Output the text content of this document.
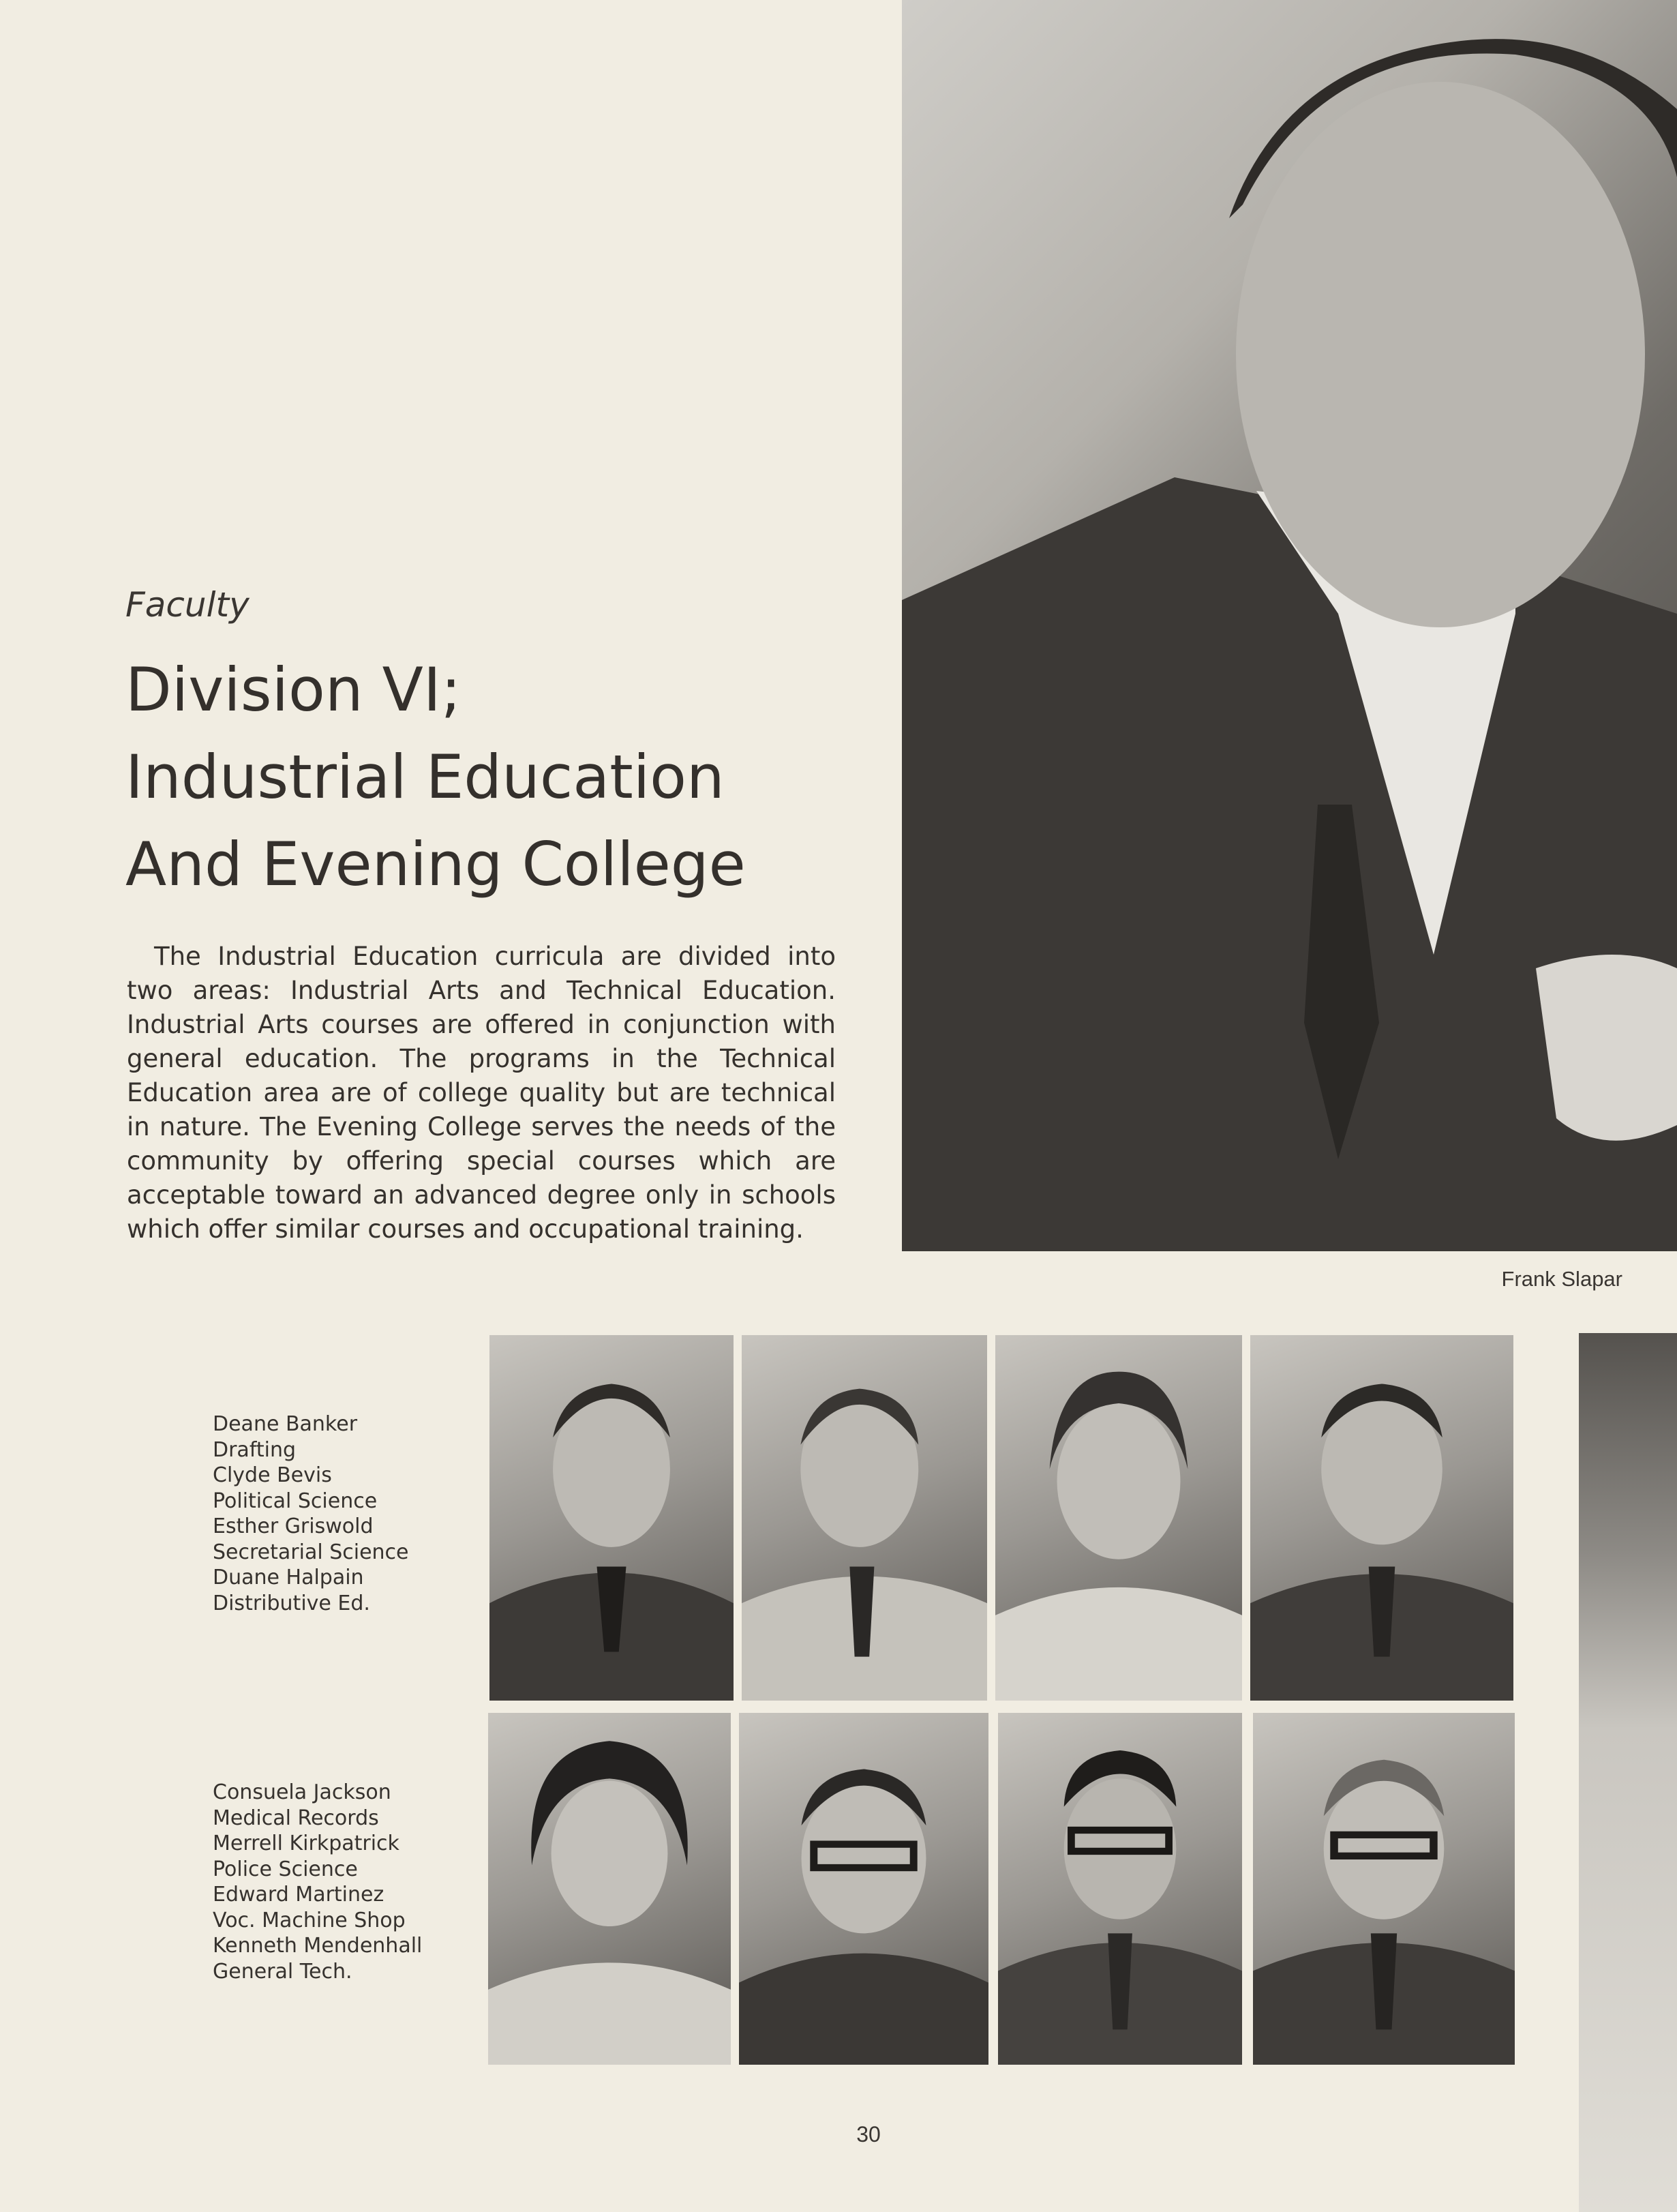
Faculty

Division VI;
Industrial Education
And Evening College

The Industrial Education curricula are divided into two areas: Industrial Arts and Technical Education. Industrial Arts courses are offered in conjunction with general education. The programs in the Technical Education area are of college quality but are technical in nature. The Evening College serves the needs of the community by offering special courses which are acceptable toward an advanced degree only in schools which offer similar courses and occupational training.

Frank Slapar

Deane Banker
Drafting
Clyde Bevis
Political Science
Esther Griswold
Secretarial Science
Duane Halpain
Distributive Ed.
Consuela Jackson
Medical Records
Merrell Kirkpatrick
Police Science
Edward Martinez
Voc. Machine Shop
Kenneth Mendenhall
General Tech.

30
